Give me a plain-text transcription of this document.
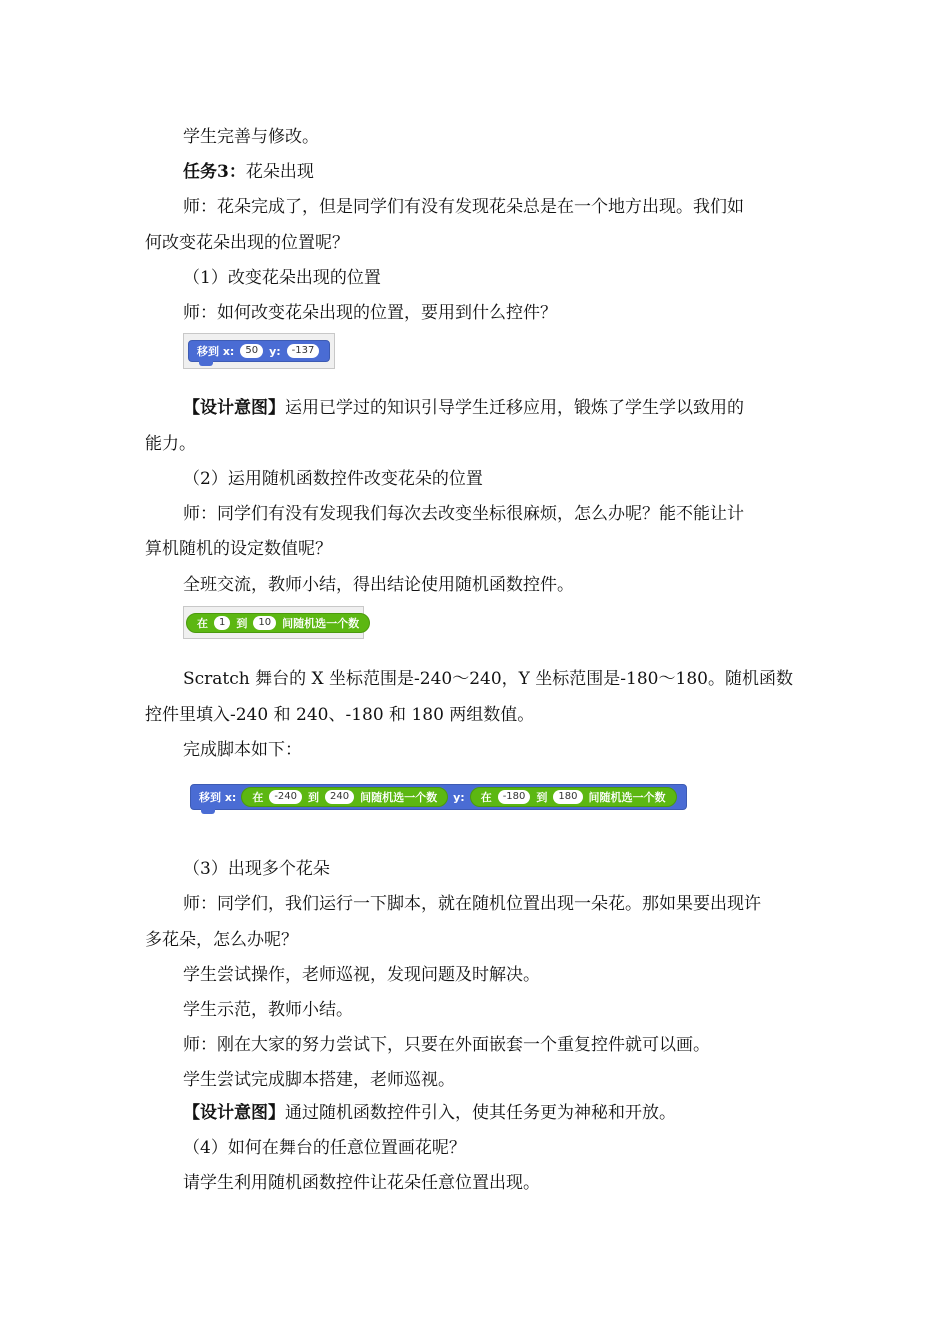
学生完善与修改。
任务3：花朵出现
师：花朵完成了，但是同学们有没有发现花朵总是在一个地方出现。我们如
何改变花朵出现的位置呢？
（1）改变花朵出现的位置
师：如何改变花朵出现的位置，要用到什么控件？
移到 x:	50	y:	-137
【设计意图】运用已学过的知识引导学生迁移应用，锻炼了学生学以致用的
能力。
（2）运用随机函数控件改变花朵的位置
师：同学们有没有发现我们每次去改变坐标很麻烦，怎么办呢？能不能让计
算机随机的设定数值呢？
全班交流，教师小结，得出结论使用随机函数控件。
在	1	到	10	间随机选一个数
Scratch 舞台的 X 坐标范围是-240～240，Y 坐标范围是-180～180。随机函数
控件里填入-240 和 240、-180 和 180 两组数值。
完成脚本如下：
移到 x: 在	-240	到	240	间随机选一个数 y: 在	-180	到	180	间随机选一个数
（3）出现多个花朵
师：同学们，我们运行一下脚本，就在随机位置出现一朵花。那如果要出现许
多花朵，怎么办呢？
学生尝试操作，老师巡视，发现问题及时解决。
学生示范，教师小结。
师：刚在大家的努力尝试下，只要在外面嵌套一个重复控件就可以画。
学生尝试完成脚本搭建，老师巡视。
【设计意图】通过随机函数控件引入，使其任务更为神秘和开放。
（4）如何在舞台的任意位置画花呢？
请学生利用随机函数控件让花朵任意位置出现。
